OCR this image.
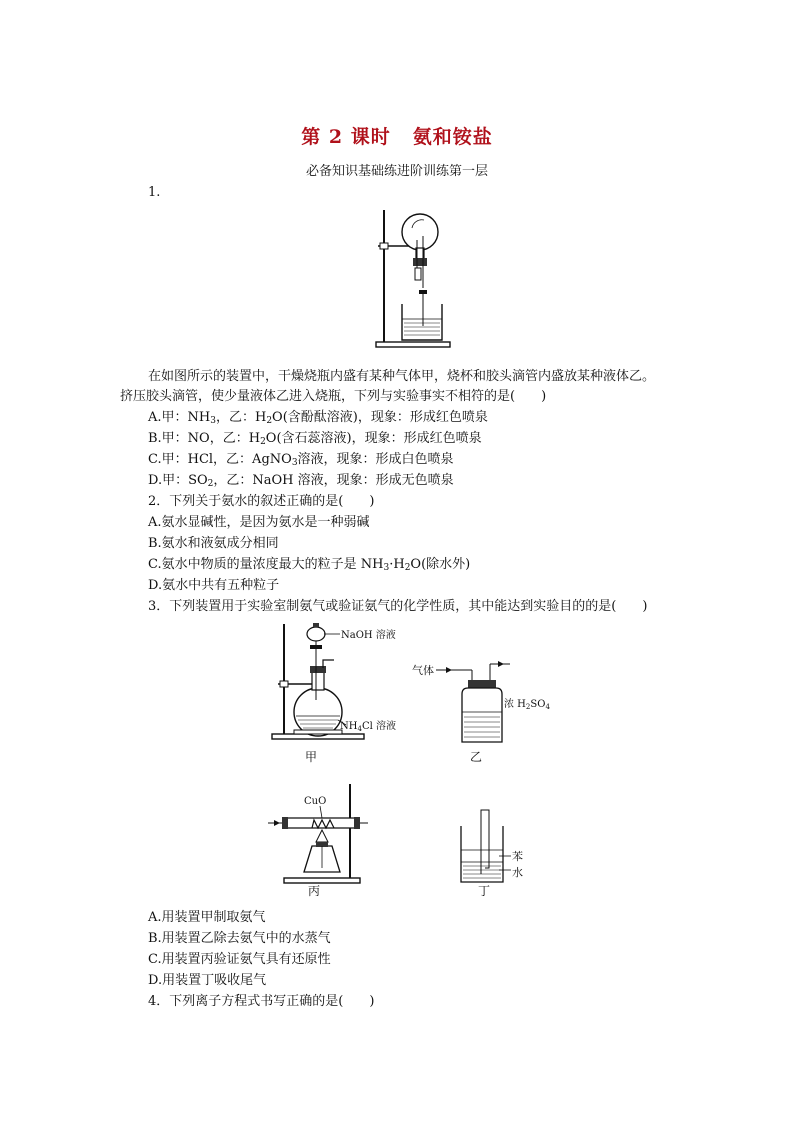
第 2 课时 氨和铵盐
必备知识基础练进阶训练第一层
1.
在如图所示的装置中，干燥烧瓶内盛有某种气体甲，烧杯和胶头滴管内盛放某种液体乙。
挤压胶头滴管，使少量液体乙进入烧瓶，下列与实验事实不相符的是(　　)
A.甲：$NH_3$，乙：$H_2O$(含酚酞溶液)，现象：形成红色喷泉
B.甲：NO，乙：$H_2O$(含石蕊溶液)，现象：形成红色喷泉
C.甲：HCl，乙：AgNO$_3$溶液，现象：形成白色喷泉
D.甲：$SO_2$，乙：NaOH 溶液，现象：形成无色喷泉
2．下列关于氨水的叙述正确的是(　　)
A.氨水显碱性，是因为氨水是一种弱碱
B.氨水和液氨成分相同
C.氨水中物质的量浓度最大的粒子是 $NH_3\cdot H_2O$(除水外)
D.氨水中共有五种粒子
3．下列装置用于实验室制氨气或验证氨气的化学性质，其中能达到实验目的的是(　　)
NaOH 溶液
$NH_4Cl$ 溶液
甲
气体
浓 $H_2SO_4$
乙
CuO
丙
苯
水
丁
A.用装置甲制取氨气
B.用装置乙除去氨气中的水蒸气
C.用装置丙验证氨气具有还原性
D.用装置丁吸收尾气
4．下列离子方程式书写正确的是(　　)
